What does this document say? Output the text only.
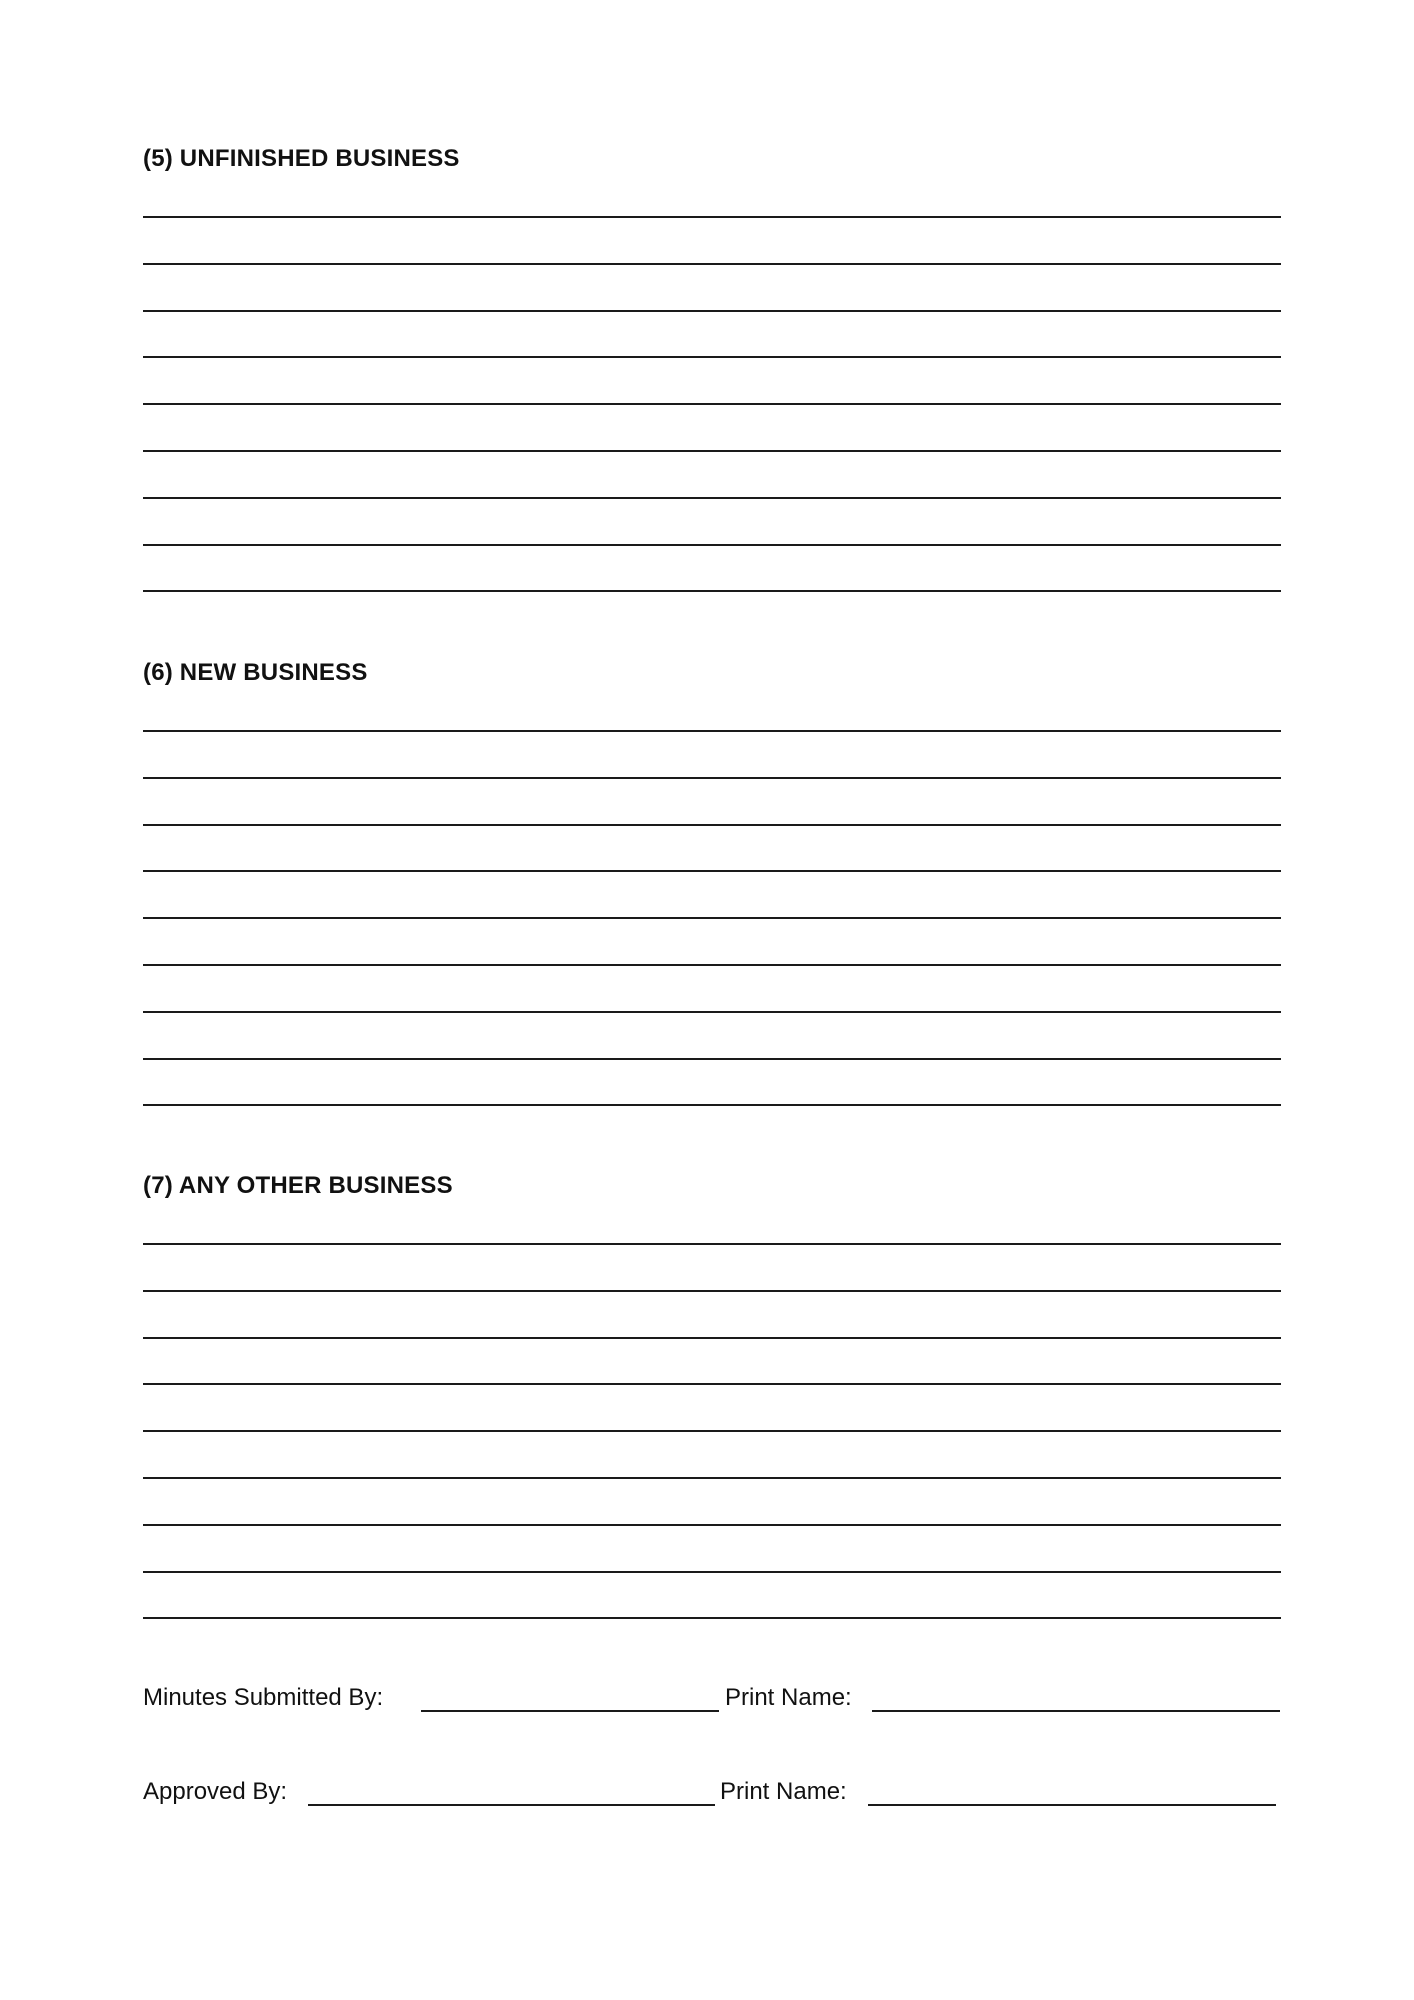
(5) UNFINISHED BUSINESS
(6) NEW BUSINESS
(7) ANY OTHER BUSINESS
Minutes Submitted By:	Print Name:
Approved By:	Print Name:
